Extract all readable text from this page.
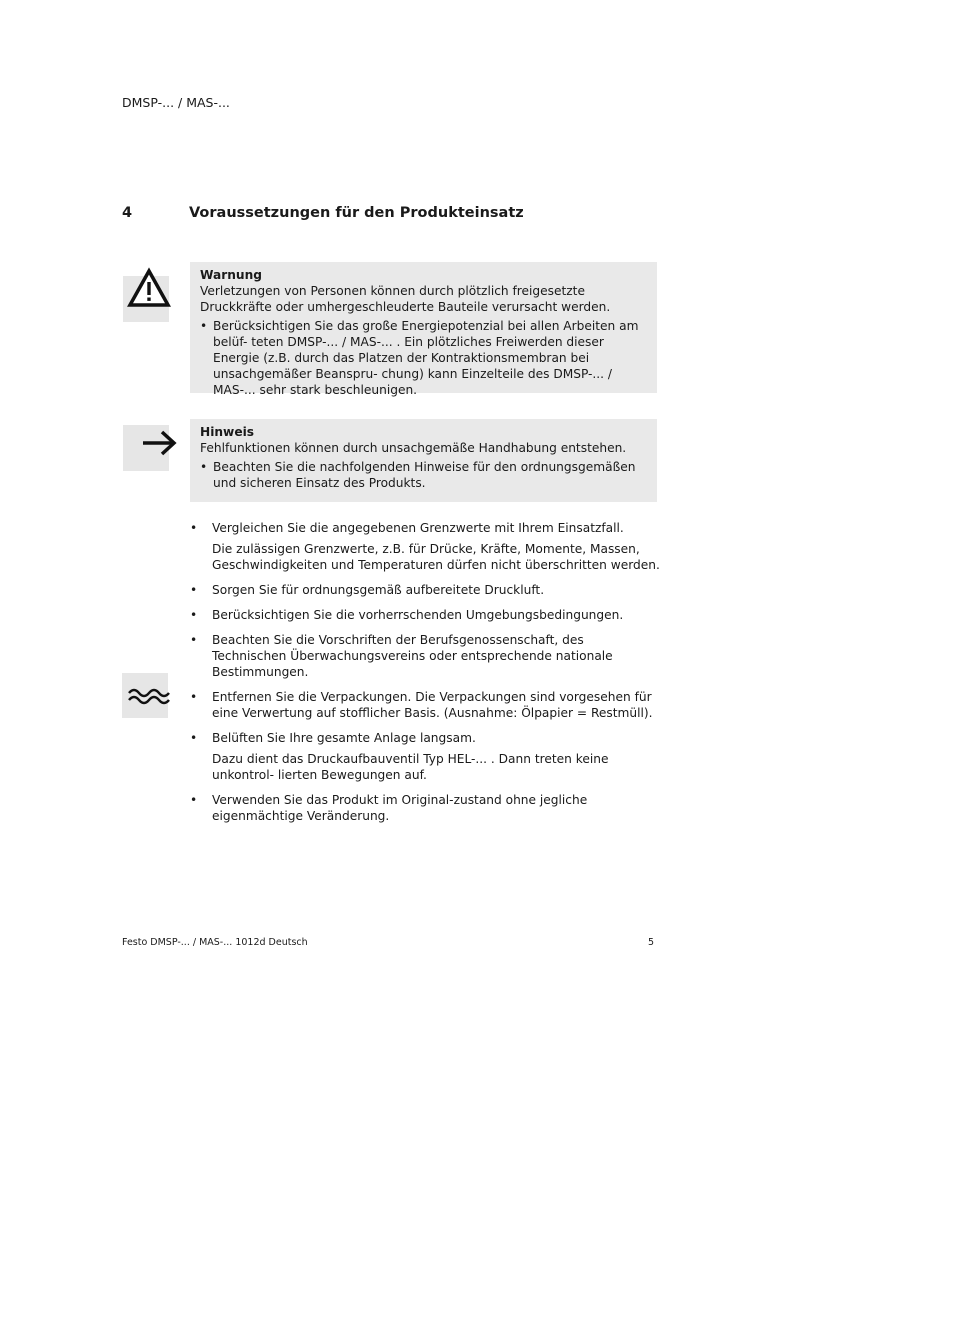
DMSP-... / MAS-...
4	Voraussetzungen für den Produkteinsatz
Warnung
Verletzungen von Personen können durch plötzlich freigesetzte Druckkräfte oder umhergeschleuderte Bauteile verursacht werden.
• Berücksichtigen Sie das große Energiepotenzial bei allen Arbeiten am belüf- teten DMSP-... / MAS-... . Ein plötzliches Freiwerden dieser Energie (z.B. durch das Platzen der Kontraktionsmembran bei unsachgemäßer Beanspru- chung) kann Einzelteile des DMSP-... / MAS-... sehr stark beschleunigen.
Hinweis
Fehlfunktionen können durch unsachgemäße Handhabung entstehen.
• Beachten Sie die nachfolgenden Hinweise für den ordnungsgemäßen und sicheren Einsatz des Produkts.
•	Vergleichen Sie die angegebenen Grenzwerte mit Ihrem Einsatzfall.
Die zulässigen Grenzwerte, z.B. für Drücke, Kräfte, Momente, Massen, Geschwindigkeiten und Temperaturen dürfen nicht überschritten werden.
•	Sorgen Sie für ordnungsgemäß aufbereitete Druckluft.
•	Berücksichtigen Sie die vorherrschenden Umgebungsbedingungen.
•	Beachten Sie die Vorschriften der Berufsgenossenschaft, des Technischen Überwachungsvereins oder entsprechende nationale Bestimmungen.
•	Entfernen Sie die Verpackungen. Die Verpackungen sind vorgesehen für eine Verwertung auf stofflicher Basis. (Ausnahme: Ölpapier = Restmüll).
•	Belüften Sie Ihre gesamte Anlage langsam.
Dazu dient das Druckaufbauventil Typ HEL-... . Dann treten keine unkontrol- lierten Bewegungen auf.
•	Verwenden Sie das Produkt im Original-zustand ohne jegliche eigenmächtige Veränderung.
Festo DMSP-... / MAS-... 1012d Deutsch	5
